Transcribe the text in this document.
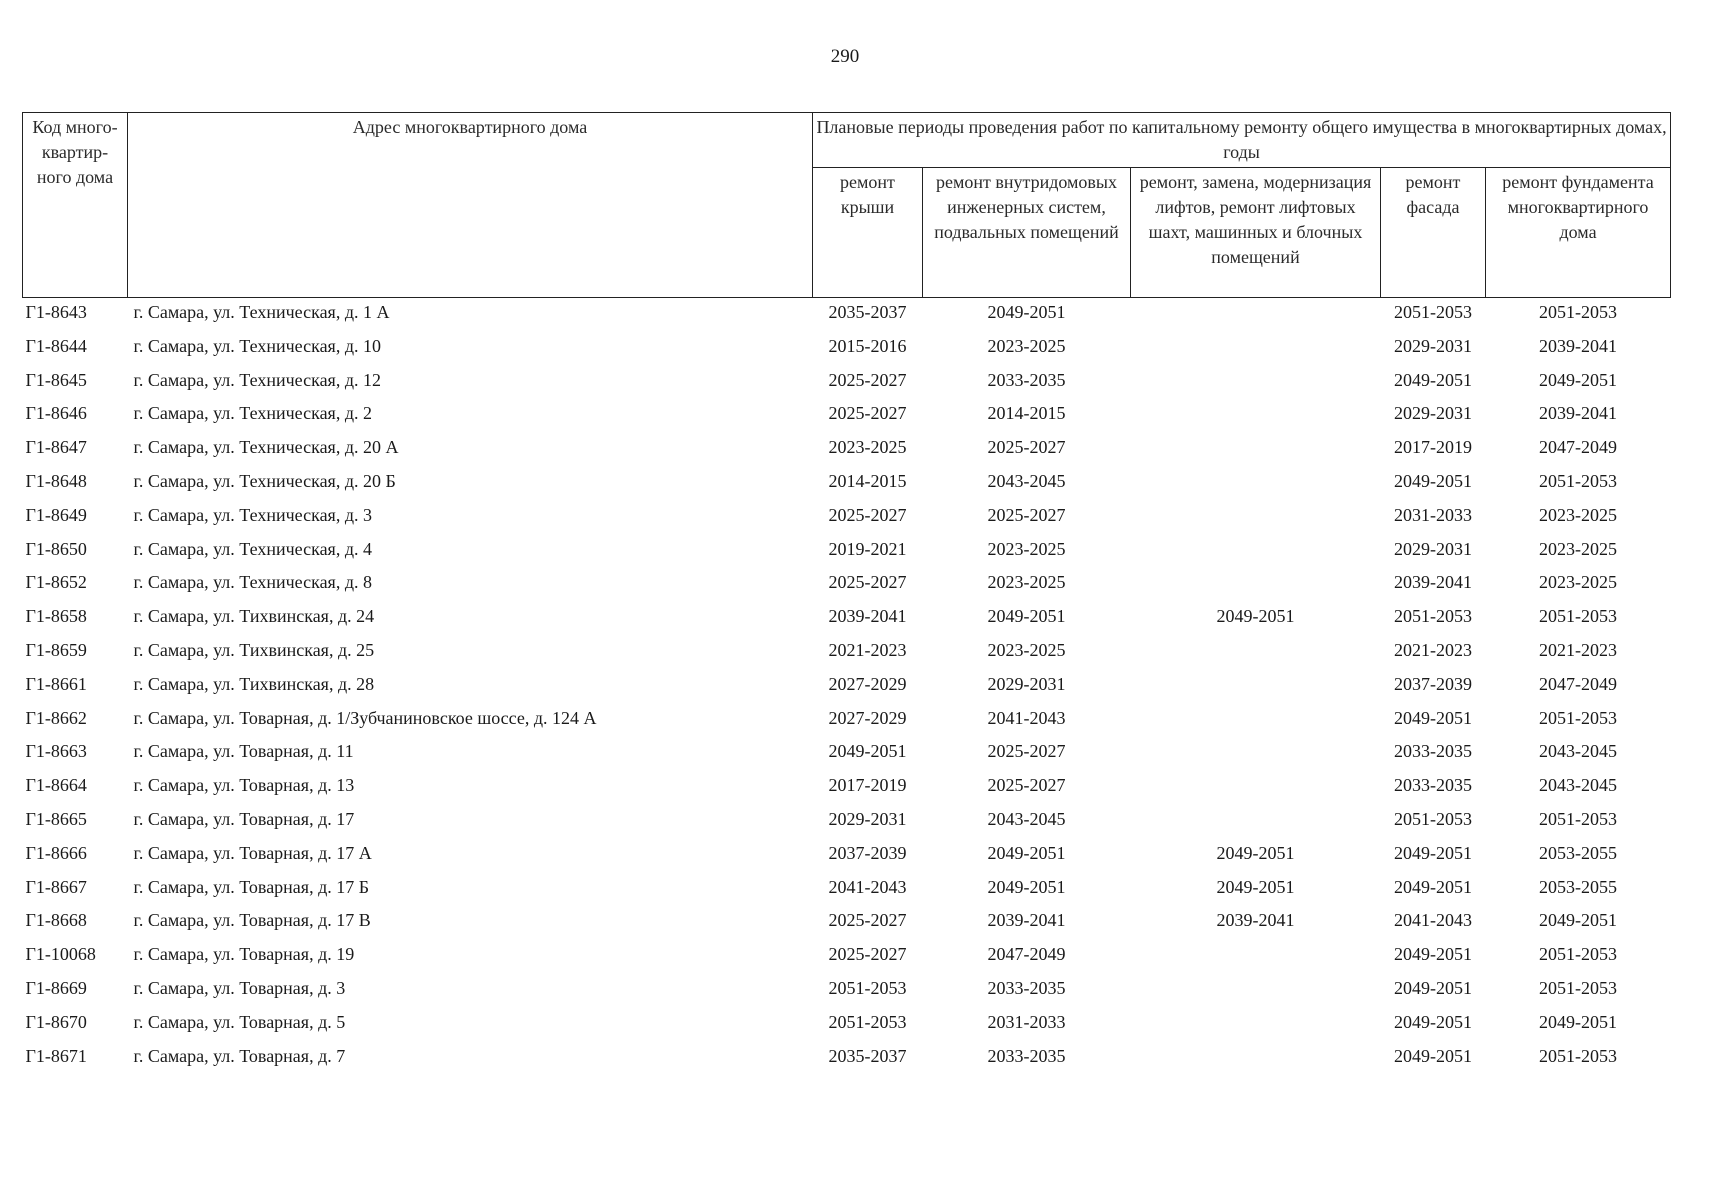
290
Код много-квартир-ного дома	Адрес многоквартирного дома	Плановые периоды проведения работ по капитальному ремонту общего имущества в многоквартирных домах, годы				
		ремонт крыши	ремонт внутридомовых инженерных систем, подвальных помещений	ремонт, замена, модернизация лифтов, ремонт лифтовых шахт, машинных и блочных помещений	ремонт фасада	ремонт фундамента многоквартирного дома
Г1-8643	г. Самара, ул. Техническая, д. 1 А	2035-2037	2049-2051		2051-2053	2051-2053
Г1-8644	г. Самара, ул. Техническая, д. 10	2015-2016	2023-2025		2029-2031	2039-2041
Г1-8645	г. Самара, ул. Техническая, д. 12	2025-2027	2033-2035		2049-2051	2049-2051
Г1-8646	г. Самара, ул. Техническая, д. 2	2025-2027	2014-2015		2029-2031	2039-2041
Г1-8647	г. Самара, ул. Техническая, д. 20 А	2023-2025	2025-2027		2017-2019	2047-2049
Г1-8648	г. Самара, ул. Техническая, д. 20 Б	2014-2015	2043-2045		2049-2051	2051-2053
Г1-8649	г. Самара, ул. Техническая, д. 3	2025-2027	2025-2027		2031-2033	2023-2025
Г1-8650	г. Самара, ул. Техническая, д. 4	2019-2021	2023-2025		2029-2031	2023-2025
Г1-8652	г. Самара, ул. Техническая, д. 8	2025-2027	2023-2025		2039-2041	2023-2025
Г1-8658	г. Самара, ул. Тихвинская, д. 24	2039-2041	2049-2051	2049-2051	2051-2053	2051-2053
Г1-8659	г. Самара, ул. Тихвинская, д. 25	2021-2023	2023-2025		2021-2023	2021-2023
Г1-8661	г. Самара, ул. Тихвинская, д. 28	2027-2029	2029-2031		2037-2039	2047-2049
Г1-8662	г. Самара, ул. Товарная, д. 1/Зубчаниновское шоссе, д. 124 А	2027-2029	2041-2043		2049-2051	2051-2053
Г1-8663	г. Самара, ул. Товарная, д. 11	2049-2051	2025-2027		2033-2035	2043-2045
Г1-8664	г. Самара, ул. Товарная, д. 13	2017-2019	2025-2027		2033-2035	2043-2045
Г1-8665	г. Самара, ул. Товарная, д. 17	2029-2031	2043-2045		2051-2053	2051-2053
Г1-8666	г. Самара, ул. Товарная, д. 17 А	2037-2039	2049-2051	2049-2051	2049-2051	2053-2055
Г1-8667	г. Самара, ул. Товарная, д. 17 Б	2041-2043	2049-2051	2049-2051	2049-2051	2053-2055
Г1-8668	г. Самара, ул. Товарная, д. 17 В	2025-2027	2039-2041	2039-2041	2041-2043	2049-2051
Г1-10068	г. Самара, ул. Товарная, д. 19	2025-2027	2047-2049		2049-2051	2051-2053
Г1-8669	г. Самара, ул. Товарная, д. 3	2051-2053	2033-2035		2049-2051	2051-2053
Г1-8670	г. Самара, ул. Товарная, д. 5	2051-2053	2031-2033		2049-2051	2049-2051
Г1-8671	г. Самара, ул. Товарная, д. 7	2035-2037	2033-2035		2049-2051	2051-2053
